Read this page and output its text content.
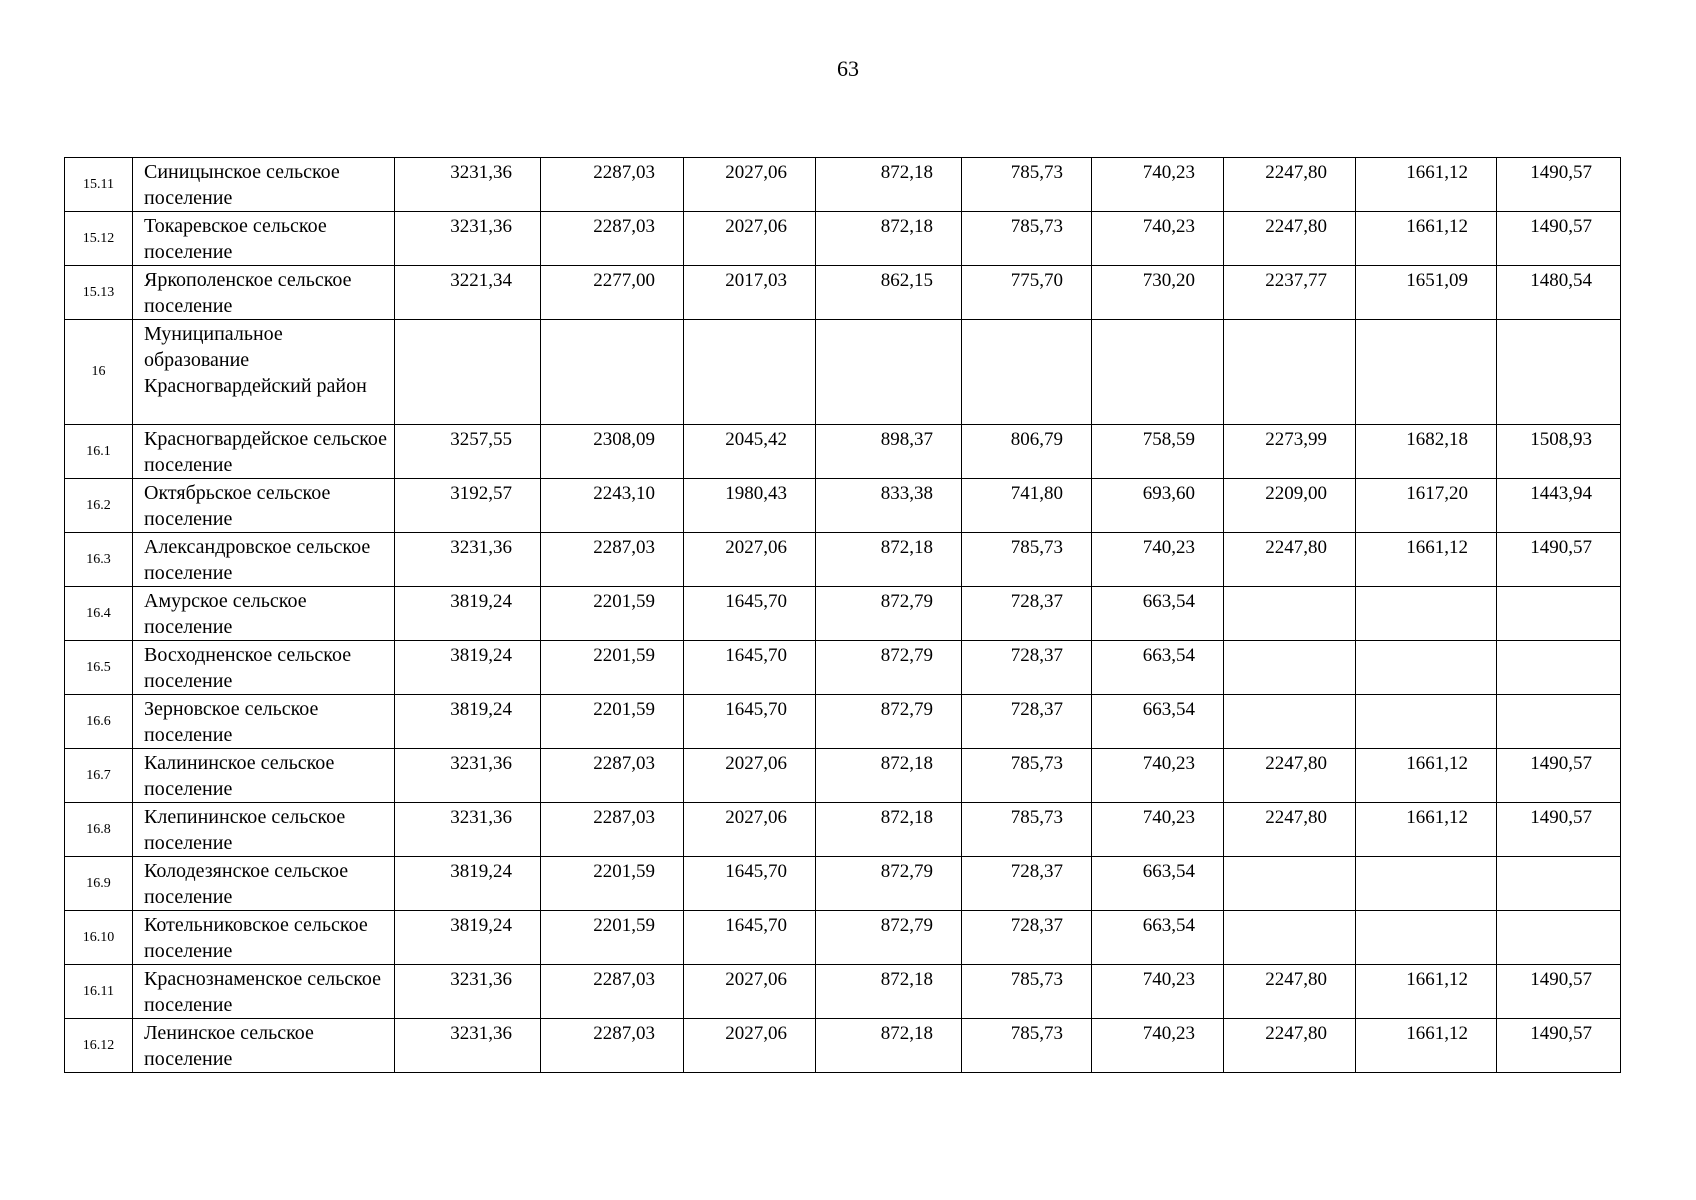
63
15.11	Синицынское сельское поселение	3231,36	2287,03	2027,06	872,18	785,73	740,23	2247,80	1661,12	1490,57
15.12	Токаревское сельское поселение	3231,36	2287,03	2027,06	872,18	785,73	740,23	2247,80	1661,12	1490,57
15.13	Яркополенское сельское поселение	3221,34	2277,00	2017,03	862,15	775,70	730,20	2237,77	1651,09	1480,54
16	Муниципальное образование Красногвардейский район									
16.1	Красногвардейское сельское поселение	3257,55	2308,09	2045,42	898,37	806,79	758,59	2273,99	1682,18	1508,93
16.2	Октябрьское сельское поселение	3192,57	2243,10	1980,43	833,38	741,80	693,60	2209,00	1617,20	1443,94
16.3	Александровское сельское поселение	3231,36	2287,03	2027,06	872,18	785,73	740,23	2247,80	1661,12	1490,57
16.4	Амурское сельское поселение	3819,24	2201,59	1645,70	872,79	728,37	663,54			
16.5	Восходненское сельское поселение	3819,24	2201,59	1645,70	872,79	728,37	663,54			
16.6	Зерновское сельское поселение	3819,24	2201,59	1645,70	872,79	728,37	663,54			
16.7	Калининское сельское поселение	3231,36	2287,03	2027,06	872,18	785,73	740,23	2247,80	1661,12	1490,57
16.8	Клепининское сельское поселение	3231,36	2287,03	2027,06	872,18	785,73	740,23	2247,80	1661,12	1490,57
16.9	Колодезянское сельское поселение	3819,24	2201,59	1645,70	872,79	728,37	663,54			
16.10	Котельниковское сельское поселение	3819,24	2201,59	1645,70	872,79	728,37	663,54			
16.11	Краснознаменское сельское поселение	3231,36	2287,03	2027,06	872,18	785,73	740,23	2247,80	1661,12	1490,57
16.12	Ленинское сельское поселение	3231,36	2287,03	2027,06	872,18	785,73	740,23	2247,80	1661,12	1490,57
